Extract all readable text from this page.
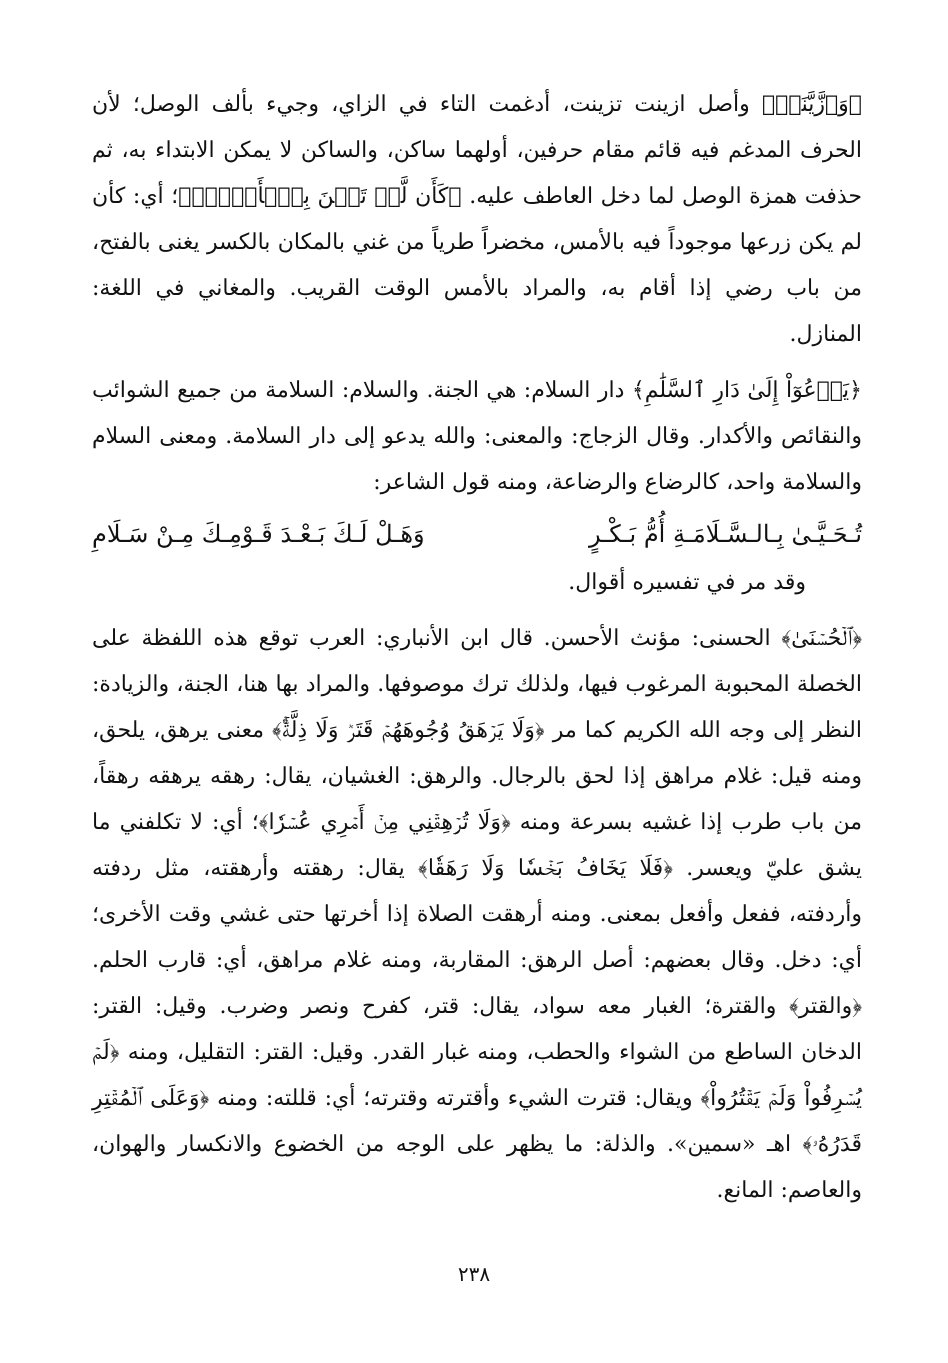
﴿وَٱزَّيَّنَتۡ﴾ وأصل ازينت تزينت، أدغمت التاء في الزاي، وجيء بألف الوصل؛ لأن الحرف المدغم فيه قائم مقام حرفين، أولهما ساكن، والساكن لا يمكن الابتداء به، ثم حذفت همزة الوصل لما دخل العاطف عليه. ﴿كَأَن لَّمۡ تَغۡنَ بِٱلۡأَمۡسِۚ﴾؛ أي: كأن لم يكن زرعها موجوداً فيه بالأمس، مخضراً طرياً من غني بالمكان بالكسر يغنى بالفتح، من باب رضي إذا أقام به، والمراد بالأمس الوقت القريب. والمغاني في اللغة: المنازل.

﴿يَدۡعُوٓاْ إِلَىٰ دَارِ ٱلسَّلَٰمِ﴾ دار السلام: هي الجنة. والسلام: السلامة من جميع الشوائب والنقائص والأكدار. وقال الزجاج: والمعنى: والله يدعو إلى دار السلامة. ومعنى السلام والسلامة واحد، كالرضاع والرضاعة، ومنه قول الشاعر:

تُـحَـيَّـىٰ بِـالـسَّـلَامَـةِ أُمُّ بَـكْـرٍ
وَهَـلْ لَـكَ بَـعْـدَ قَـوْمِـكَ مِـنْ سَـلَامِ

وقد مر في تفسيره أقوال.

﴿ٱلۡحُسۡنَىٰ﴾ الحسنى: مؤنث الأحسن. قال ابن الأنباري: العرب توقع هذه اللفظة على الخصلة المحبوبة المرغوب فيها، ولذلك ترك موصوفها. والمراد بها هنا، الجنة، والزيادة: النظر إلى وجه الله الكريم كما مر ﴿وَلَا يَرۡهَقُ وُجُوهَهُمۡ قَتَرٞ وَلَا ذِلَّةٌۚ﴾ معنى يرهق، يلحق، ومنه قيل: غلام مراهق إذا لحق بالرجال. والرهق: الغشيان، يقال: رهقه يرهقه رهقاً، من باب طرب إذا غشيه بسرعة ومنه ﴿وَلَا تُرۡهِقۡنِي مِنۡ أَمۡرِي عُسۡرٗا﴾؛ أي: لا تكلفني ما يشق عليّ ويعسر. ﴿فَلَا يَخَافُ بَخۡسٗا وَلَا رَهَقٗا﴾ يقال: رهقته وأرهقته، مثل ردفته وأردفته، ففعل وأفعل بمعنى. ومنه أرهقت الصلاة إذا أخرتها حتى غشي وقت الأخرى؛ أي: دخل. وقال بعضهم: أصل الرهق: المقاربة، ومنه غلام مراهق، أي: قارب الحلم. ﴿والقتر﴾ والقترة؛ الغبار معه سواد، يقال: قتر، كفرح ونصر وضرب. وقيل: القتر: الدخان الساطع من الشواء والحطب، ومنه غبار القدر. وقيل: القتر: التقليل، ومنه ﴿لَمۡ يُسۡرِفُواْ وَلَمۡ يَقۡتُرُواْ﴾ ويقال: قترت الشيء وأقترته وقترته؛ أي: قللته: ومنه ﴿وَعَلَى ٱلۡمُقۡتِرِ قَدَرُهُۥ﴾ اهـ «سمين». والذلة: ما يظهر على الوجه من الخضوع والانكسار والهوان، والعاصم: المانع.

٢٣٨
